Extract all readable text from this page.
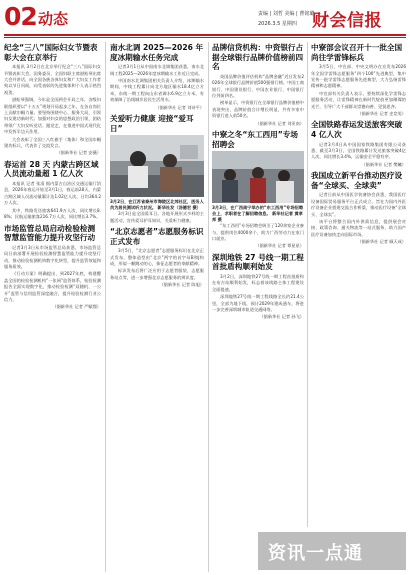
02 动态	责编 | 刘哲 美编 | 曹铭璐
2026.3.5 星期四 财会信报
纪念“三八”国际妇女节暨表彰大会在京举行

本报讯 3月2日在北京举行纪念“三八”国际妇女节暨表彰大会。国务委员、全国妇联主席谌贻琴出席大会并讲话，向全国各族各界妇女和广大妇女工作者致以节日问候，向受表彰的先进集体和个人表示热烈祝贺。

谌贻琴强调，今年是全国两会开局之年，各级妇联组织要以“十五五”规划开局起步之年，在各自岗位上贡献巾帼力量。要坚持围绕中心、服务大局，引领妇女建功新时代；加强对妇女的思想政治引领，团结带领广大妇女听党话、跟党走，在推进中国式现代化中发挥半边天作用。

大会表彰了全国三八红旗手（集体）和全国巾帼建功标兵，代表作了交流发言。

（据新华社 记者 安薇）
春运首 28 天 内蒙古跨区域人员流动量超 1 亿人次

本报讯 记者 张清 据内蒙古自治区交通运输厅消息，2026年春运开始至3月1日，春运前28天，内蒙古跨区域人员流动量累计达1.02亿人次，日均364.2万人次。

其中，铁路发送旅客641.9万人次，同比增长8.8%；民航运输旅客216.7万人次，同比增长3.7%。

市场监管总局启动检验检测智慧监管能力提升攻坚行动

记者3月3日从市场监管总局获悉，市场监管总局日前部署开展检验检测智慧监管能力提升攻坚行动，推动检验检测机构数字化转型，提升监管效能和服务质效。

《行动方案》明确提出，到2027年底，构建覆盖全国的检验检测机构“一张网”监管体系，检验检测报告全面实现数字化，推动检验检测“双随机、一公开”监管与信用监管深度融合，提升检验检测行业公信力。

（据新华社 记者 严赋憬）
南水北调 2025—2026 年度冰期输水任务完成

记者3月1日从中国南水北调集团获悉，南水北调工程2025—2026年度冰期输水工作近日完成。

中国南水北调集团相关负责人介绍，冰期输水期间，中线工程累计向北方地区输水18.4亿立方米，东线一期工程向山东省调水6.9亿立方米，有效保障了沿线城乡居民生活用水。

（据新华社 记者 刘诗平）
关爱听力健康 迎接“爱耳日”
3月2日，在江苏省泰州市海陵区北郊社区，医务人员为居民测试听力状况。 新华社发（汤德宏 摄）

3月3日是全国爱耳日。各地开展形式多样的主题活动，宣传爱耳护耳知识，关爱听力健康。

“北京志愿者”志愿服务标识正式发布

3月5日，“北京志愿者”志愿服务标识在北京正式发布。整体造型由“北京”两字的首字母B和J构成，形似一颗跳动的心，象征志愿者的奉献精神。

标识发布后将广泛应用于志愿者服装、志愿服务站点等，进一步增强北京志愿服务的辨识度。

（据新华社 记者 陈旭）
品牌信贷机构：中资银行占据全球银行品牌价值榜前四名

英国品牌价值评估机构“品牌金融”近日发布2026年全球银行品牌价值500强排行榜。中国工商银行、中国建设银行、中国农业银行、中国银行位列前四名。

榜单显示，中资银行在全球银行品牌价值榜中表现突出，品牌价值合计增长明显，共有多家中资银行进入前50名。

（据新华社 记者 刘亚南）
中寮之冬“东工西用”专场招聘会
3月3日，在广西南宁举办的“东工西用”专场招聘会上，求职者在了解招聘信息。 新华社记者 黄孝邦 摄

“东工西用”专场招聘会吸引了120余家企业参与，提供岗位4000余个，助力广西劳动力在家门口就业。

（据新华社 记者 覃星星）
深圳地铁 27 号线一期工程首批盾构顺利始发

3月2日，深圳地铁27号线一期工程首批盾构在布吉站顺利始发，标志着该线路主体工程建设全面提速。

深圳地铁27号线一期工程线路全长约21.4公里，全部为地下线，预计2029年建成通车，将进一步完善深圳城市轨道交通网络。

（据新华社 记者 孙飞）
中寮部会议召开十一批全国尚往学雷锋标兵

3月5日，中宣部、中央文明办在京发布2026年全国学雷锋志愿服务“四个100”先进典型，集中宣传一批学雷锋志愿服务先进典型，大力弘扬雷锋精神和志愿精神。

中宣部有关负责人表示，要持续深化学雷锋志愿服务活动，让雷锋精神在新时代绽放更加璀璨的光芒，引导广大干部群众崇德向善、见贤思齐。

（据新华社 记者 史竞男）
全国铁路春运发送旅客突破 4 亿人次

记者3月4日从中国国家铁路集团有限公司获悉，截至3月3日，全国铁路累计发送旅客突破4亿人次，同比增长3.4%，运输安全平稳有序。

（据新华社 记者 樊曦）
我国成立新平台推动医疗设备“全球买、全球卖”

记者日前从中国医学装备协会获悉，我国医疗设备国际贸易服务平台正式成立，旨在为国内外医疗设备企业搭建交流合作桥梁，推动医疗设备“全球买、全球卖”。

该平台将整合国内外供需信息，提供展会对接、政策咨询、通关物流等一站式服务，助力国产医疗设备加快走向国际市场。

（据新华社 记者 顾天成）
资讯一点通
